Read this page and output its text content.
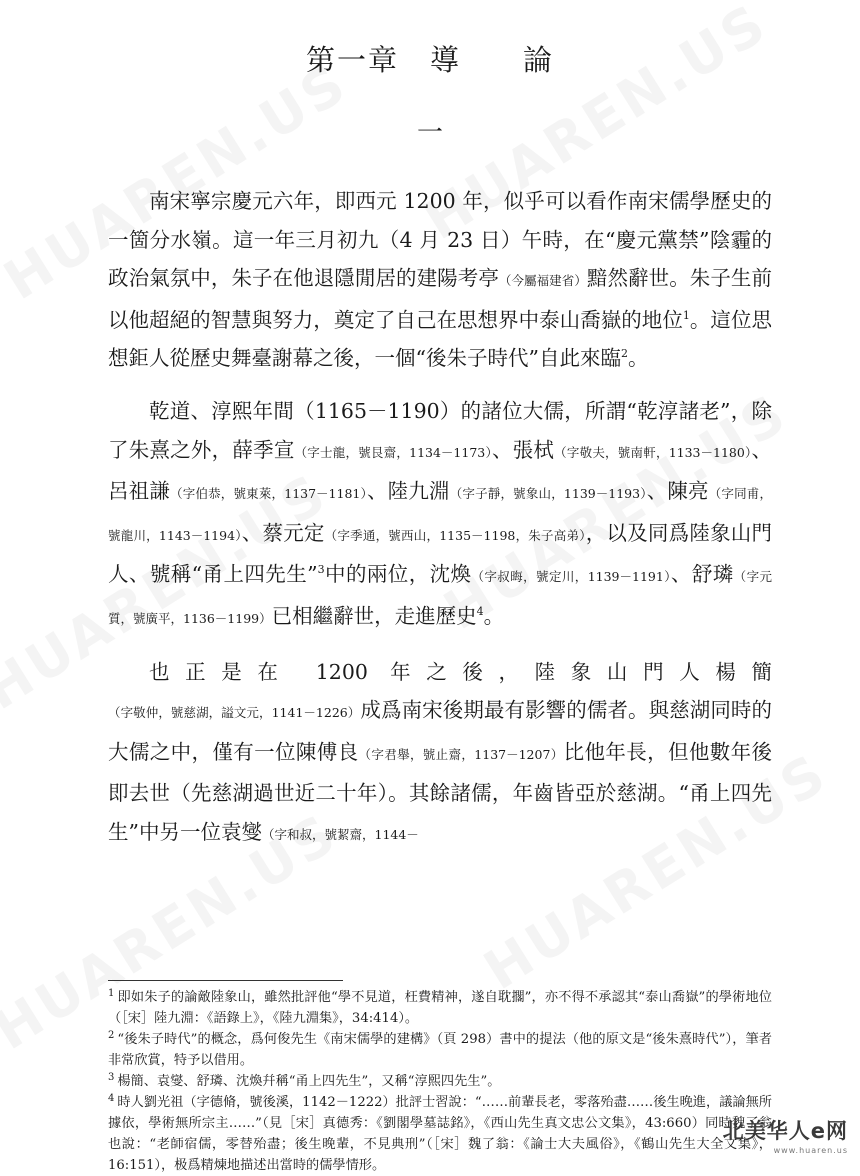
第一章　導　　論
一

南宋寧宗慶元六年，即西元 1200 年，似乎可以看作南宋儒學歷史的一箇分水嶺。這一年三月初九（4 月 23 日）午時，在“慶元黨禁”陰霾的政治氣氛中，朱子在他退隱閒居的建陽考亭（今屬福建省）黯然辭世。朱子生前以他超絕的智慧與努力，奠定了自己在思想界中泰山喬嶽的地位$^1$。這位思想鉅人從歷史舞臺謝幕之後，一個“後朱子時代”自此來臨$^2$。

乾道、淳熙年間（1165－1190）的諸位大儒，所謂“乾淳諸老”，除了朱熹之外，薛季宣（字士龍，號艮齋，1134－1173）、張栻（字敬夫，號南軒，1133－1180）、呂祖謙（字伯恭，號東萊，1137－1181）、陸九淵（字子靜，號象山，1139－1193）、陳亮（字同甫，號龍川，1143－1194）、蔡元定（字季通，號西山，1135－1198，朱子高弟），以及同爲陸象山門人、號稱“甬上四先生”$^3$中的兩位，沈煥（字叔晦，號定川，1139－1191）、舒璘（字元質，號廣平，1136－1199）已相繼辭世，走進歷史$^4$。

也正是在 1200 年之後，陸象山門人楊簡（字敬仲，號慈湖，謚文元，1141－1226）成爲南宋後期最有影響的儒者。與慈湖同時的大儒之中，僅有一位陳傅良（字君舉，號止齋，1137－1207）比他年長，但他數年後即去世（先慈湖過世近二十年）。其餘諸儒，年齒皆亞於慈湖。“甬上四先生”中另一位袁燮（字和叔，號絜齋，1144－

$^1$ 即如朱子的論敵陸象山，雖然批評他“學不見道，枉費精神，遂自耽擱”，亦不得不承認其“泰山喬嶽”的學術地位（［宋］陸九淵：《語錄上》，《陸九淵集》，34:414）。

$^2$ “後朱子時代”的概念，爲何俊先生《南宋儒學的建構》（頁 298）書中的提法（他的原文是“後朱熹時代”），筆者非常欣賞，特予以借用。

$^3$ 楊簡、袁燮、舒璘、沈煥幷稱“甬上四先生”，又稱“淳熙四先生”。

$^4$ 時人劉光祖（字德脩，號後溪，1142－1222）批評士習說：“……前輩長老，零落殆盡……後生晚進，議論無所據依，學術無所宗主……”（見［宋］真德秀：《劉閣學墓誌銘》，《西山先生真文忠公文集》，43:660）同時魏了翁也說：“老師宿儒，零替殆盡；後生晚輩，不見典刑”（［宋］魏了翁：《論士大夫風俗》，《鶴山先生大全文集》，16:151），极爲精煉地描述出當時的儒學情形。

北美华人e网
www.huaren.us
